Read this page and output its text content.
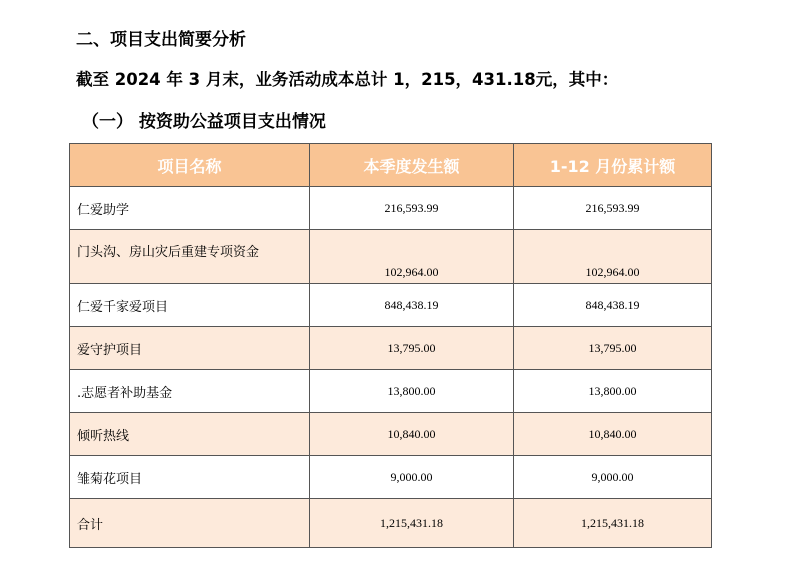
二、项目支出简要分析
截至 2024 年 3 月末，业务活动成本总计 1，215，431.18元，其中：
（一） 按资助公益项目支出情况
项目名称	本季度发生额	1-12 月份累计额
仁爱助学	216,593.99	216,593.99
门头沟、房山灾后重建专项资金	102,964.00	102,964.00
仁爱千家爱项目	848,438.19	848,438.19
爱守护项目	13,795.00	13,795.00
.志愿者补助基金	13,800.00	13,800.00
倾听热线	10,840.00	10,840.00
雏菊花项目	9,000.00	9,000.00
合计	1,215,431.18	1,215,431.18
